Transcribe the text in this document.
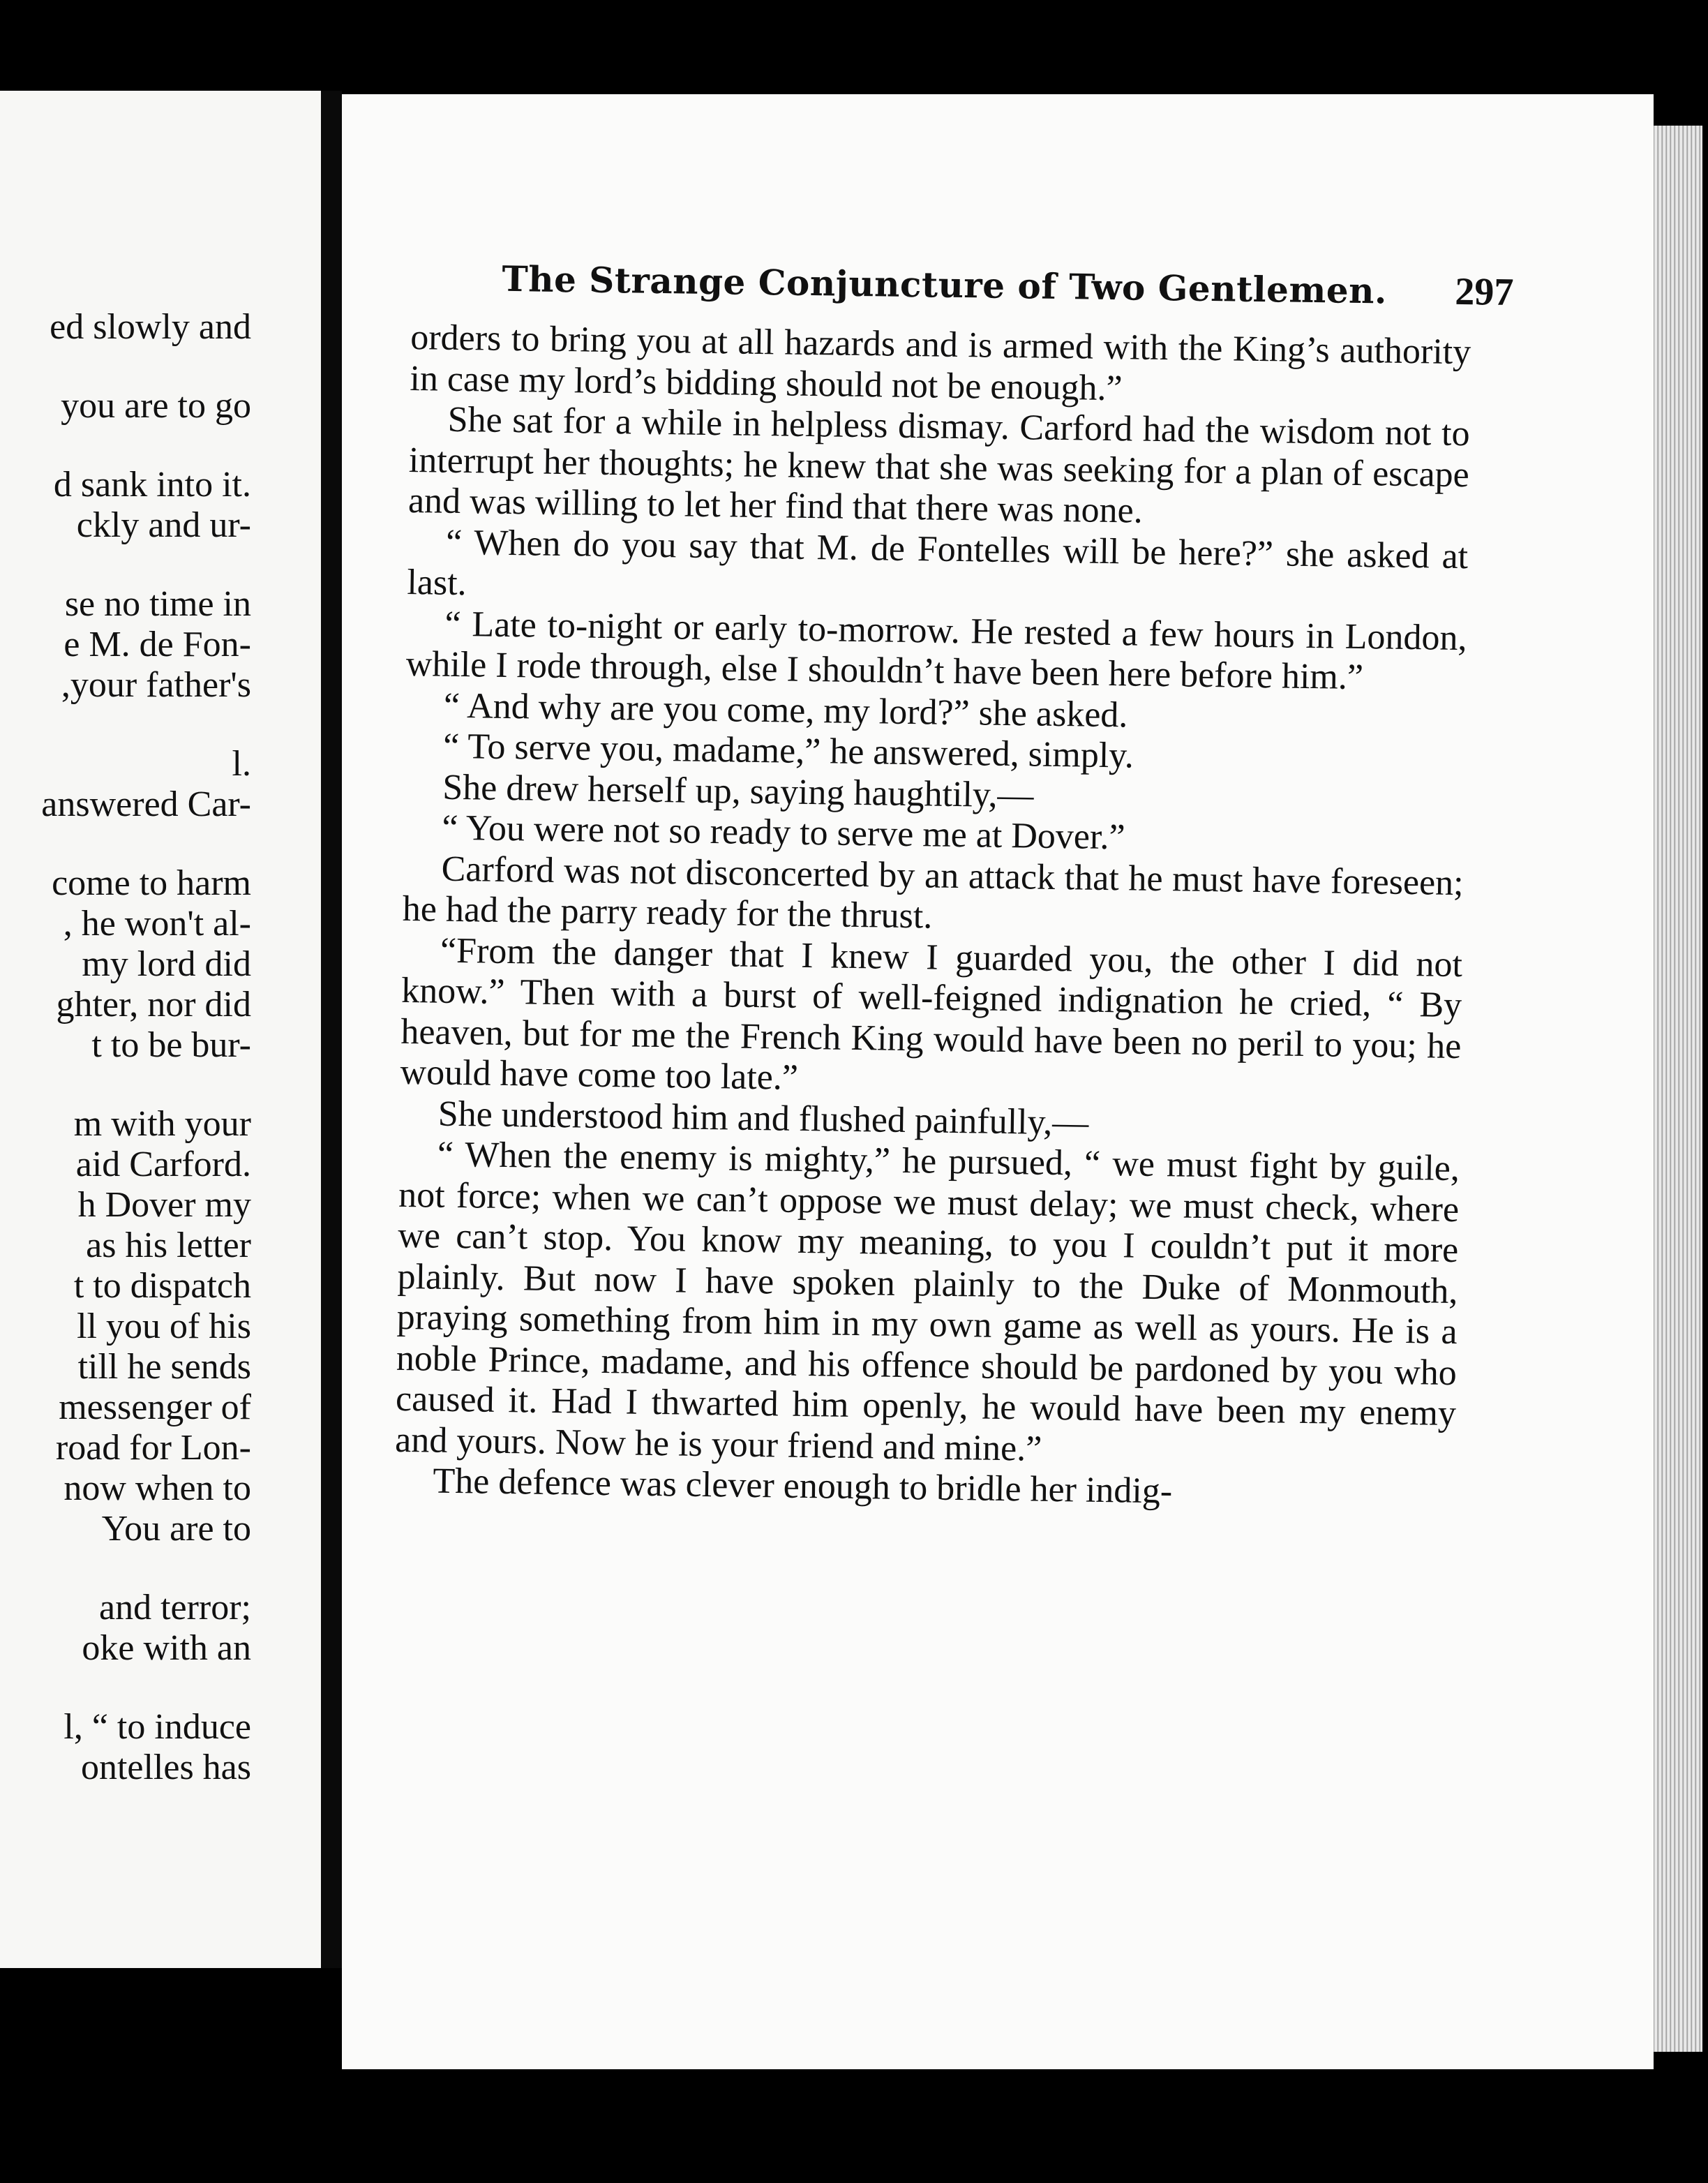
ed slowly and
you are to go
d sank into it.
ckly and ur-
se no time in
e M. de Fon-
,your father's
l.
answered Car-
come to harm
, he won't al-
my lord did
ghter, nor did
t to be bur-
m with your
aid Carford.
h Dover my
as his letter
t to dispatch
ll you of his
till he sends
messenger of
road for Lon-
now when to
You are to
and terror;
oke with an
l, “ to induce
ontelles has
The Strange Conjuncture of Two Gentlemen. 297

orders to bring you at all hazards and is armed with the King’s authority in case my lord’s bidding should not be enough.”

She sat for a while in helpless dismay. Carford had the wisdom not to interrupt her thoughts; he knew that she was seeking for a plan of escape and was willing to let her find that there was none.

“ When do you say that M. de Fontelles will be here?” she asked at last.

“ Late to-night or early to-morrow. He rested a few hours in London, while I rode through, else I shouldn’t have been here before him.”

“ And why are you come, my lord?” she asked.

“ To serve you, madame,” he answered, simply.

She drew herself up, saying haughtily,—

“ You were not so ready to serve me at Dover.”

Carford was not disconcerted by an attack that he must have foreseen; he had the parry ready for the thrust.

“From the danger that I knew I guarded you, the other I did not know.” Then with a burst of well-feigned indignation he cried, “ By heaven, but for me the French King would have been no peril to you; he would have come too late.”

She understood him and flushed painfully,—

“ When the enemy is mighty,” he pursued, “ we must fight by guile, not force; when we can’t oppose we must delay; we must check, where we can’t stop. You know my meaning, to you I couldn’t put it more plainly. But now I have spoken plainly to the Duke of Monmouth, praying something from him in my own game as well as yours. He is a noble Prince, madame, and his offence should be pardoned by you who caused it. Had I thwarted him openly, he would have been my enemy and yours. Now he is your friend and mine.”

The defence was clever enough to bridle her indig-
